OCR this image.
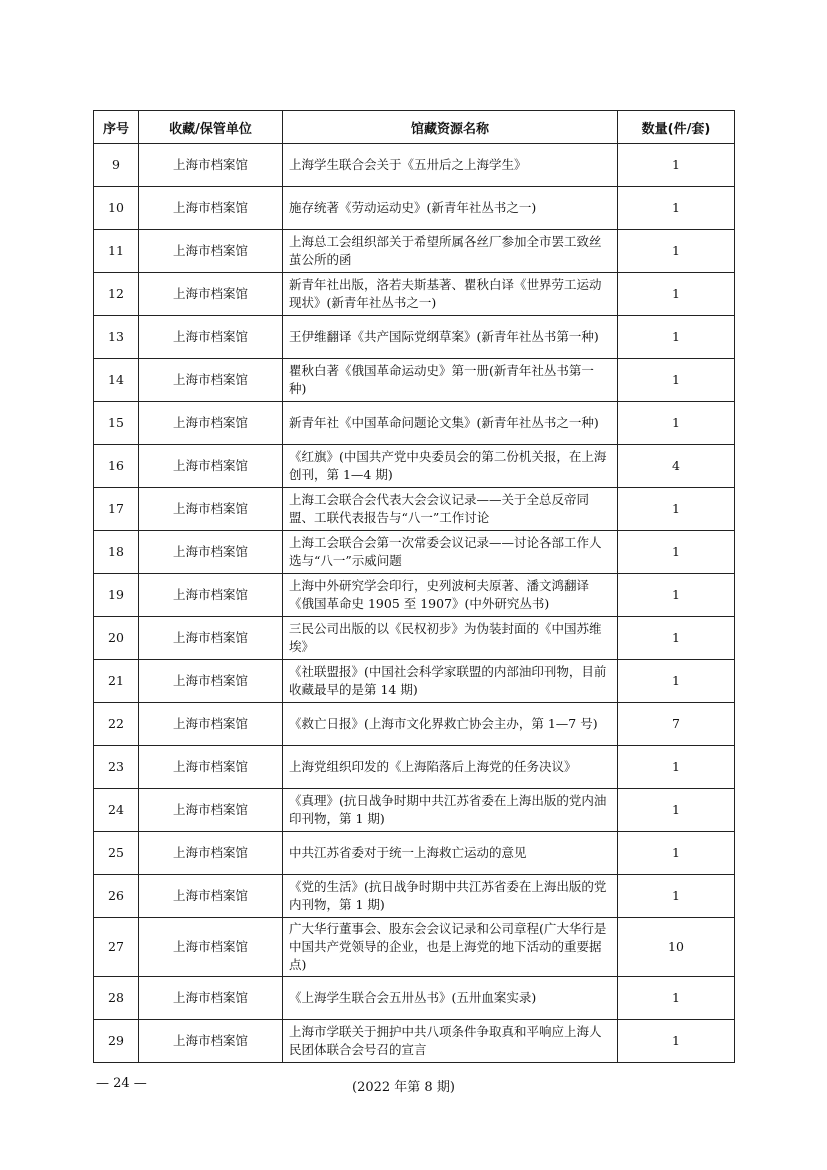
序号	收藏/保管单位	馆藏资源名称	数量(件/套)
9	上海市档案馆	上海学生联合会关于《五卅后之上海学生》	1
10	上海市档案馆	施存统著《劳动运动史》(新青年社丛书之一)	1
11	上海市档案馆	上海总工会组织部关于希望所属各丝厂参加全市罢工致丝茧公所的函	1
12	上海市档案馆	新青年社出版，洛若夫斯基著、瞿秋白译《世界劳工运动现状》(新青年社丛书之一)	1
13	上海市档案馆	王伊维翻译《共产国际党纲草案》(新青年社丛书第一种)	1
14	上海市档案馆	瞿秋白著《俄国革命运动史》第一册(新青年社丛书第一种)	1
15	上海市档案馆	新青年社《中国革命问题论文集》(新青年社丛书之一种)	1
16	上海市档案馆	《红旗》(中国共产党中央委员会的第二份机关报，在上海创刊，第 1—4 期)	4
17	上海市档案馆	上海工会联合会代表大会会议记录——关于全总反帝同盟、工联代表报告与“八一”工作讨论	1
18	上海市档案馆	上海工会联合会第一次常委会议记录——讨论各部工作人选与“八一”示威问题	1
19	上海市档案馆	上海中外研究学会印行，史列波柯夫原著、潘文鸿翻译《俄国革命史 1905 至 1907》(中外研究丛书)	1
20	上海市档案馆	三民公司出版的以《民权初步》为伪装封面的《中国苏维埃》	1
21	上海市档案馆	《社联盟报》(中国社会科学家联盟的内部油印刊物，目前收藏最早的是第 14 期)	1
22	上海市档案馆	《救亡日报》(上海市文化界救亡协会主办，第 1—7 号)	7
23	上海市档案馆	上海党组织印发的《上海陷落后上海党的任务决议》	1
24	上海市档案馆	《真理》(抗日战争时期中共江苏省委在上海出版的党内油印刊物，第 1 期)	1
25	上海市档案馆	中共江苏省委对于统一上海救亡运动的意见	1
26	上海市档案馆	《党的生活》(抗日战争时期中共江苏省委在上海出版的党内刊物，第 1 期)	1
27	上海市档案馆	广大华行董事会、股东会会议记录和公司章程(广大华行是中国共产党领导的企业，也是上海党的地下活动的重要据点)	10
28	上海市档案馆	《上海学生联合会五卅丛书》(五卅血案实录)	1
29	上海市档案馆	上海市学联关于拥护中共八项条件争取真和平响应上海人民团体联合会号召的宣言	1
— 24 —	(2022 年第 8 期)
